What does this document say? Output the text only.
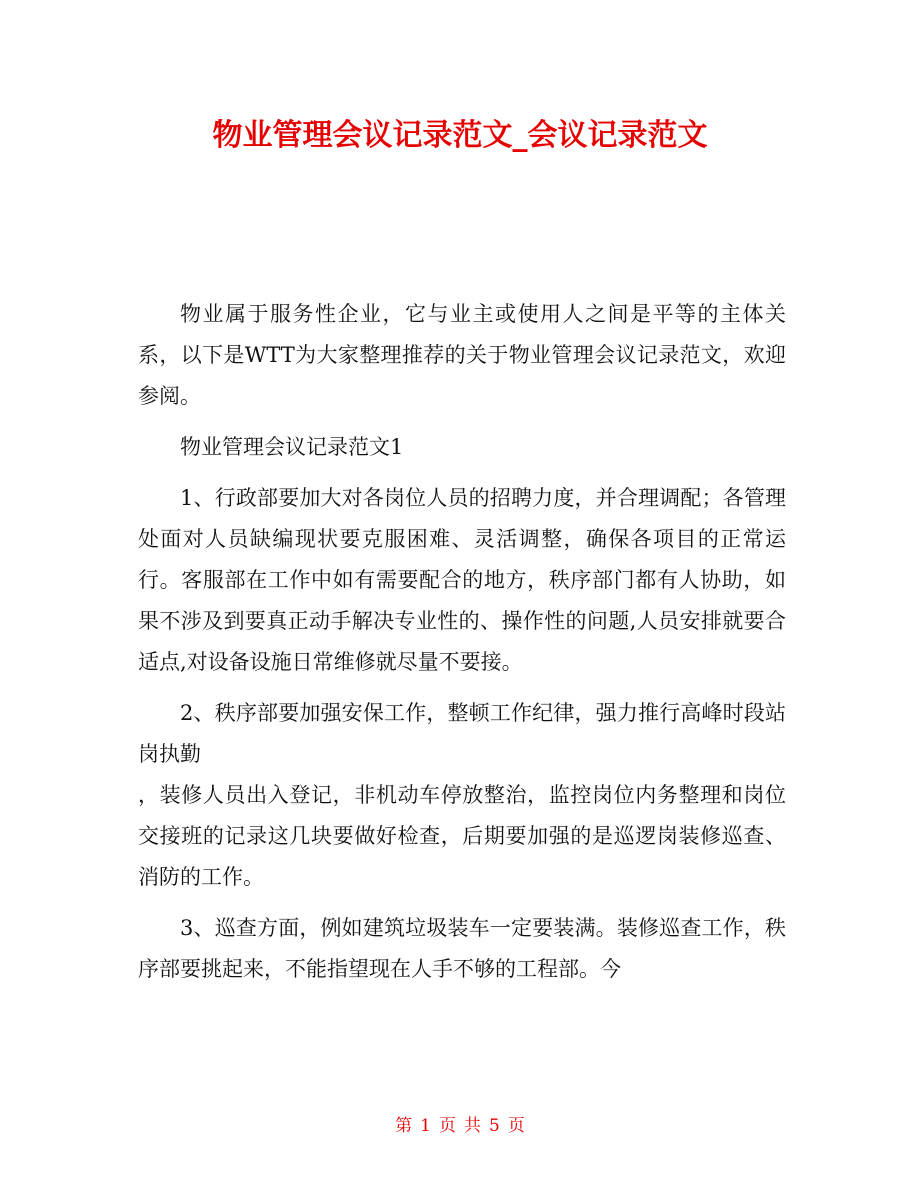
物业管理会议记录范文_会议记录范文

物业属于服务性企业，它与业主或使用人之间是平等的主体关系，以下是WTT为大家整理推荐的关于物业管理会议记录范文，欢迎参阅。

物业管理会议记录范文1

1、行政部要加大对各岗位人员的招聘力度，并合理调配；各管理处面对人员缺编现状要克服困难、灵活调整，确保各项目的正常运行。客服部在工作中如有需要配合的地方，秩序部门都有人协助，如果不涉及到要真正动手解决专业性的、操作性的问题,人员安排就要合适点,对设备设施日常维修就尽量不要接。

2、秩序部要加强安保工作，整顿工作纪律，强力推行高峰时段站岗执勤

，装修人员出入登记，非机动车停放整治，监控岗位内务整理和岗位交接班的记录这几块要做好检查，后期要加强的是巡逻岗装修巡查、消防的工作。

3、巡查方面，例如建筑垃圾装车一定要装满。装修巡查工作，秩序部要挑起来，不能指望现在人手不够的工程部。今

第 1 页 共 5 页
